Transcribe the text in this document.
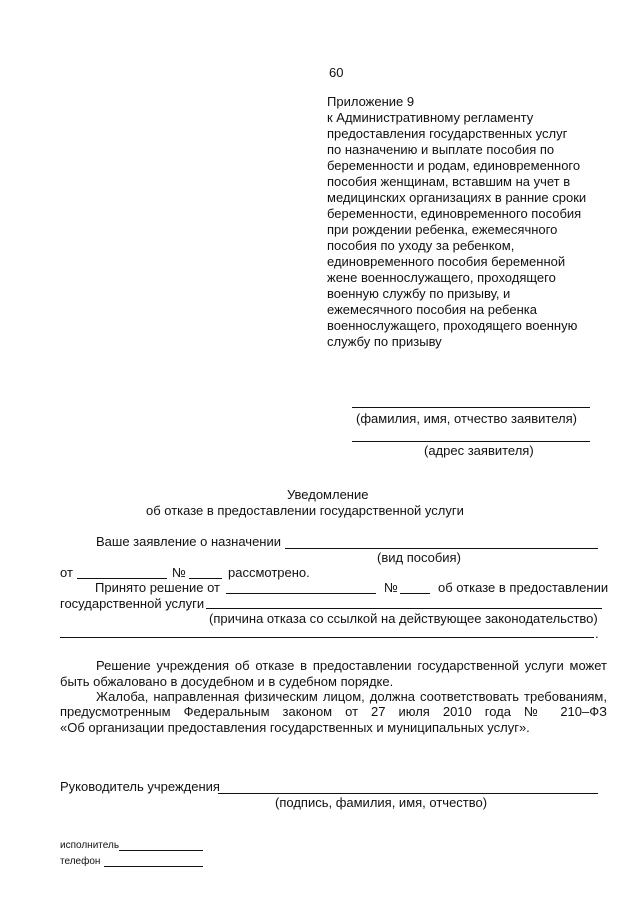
60
Приложение 9
к Административному регламенту
предоставления государственных услуг
по назначению и выплате пособия по
беременности и родам, единовременного
пособия женщинам, вставшим на учет в
медицинских организациях в ранние сроки
беременности, единовременного пособия
при рождении ребенка, ежемесячного
пособия по уходу за ребенком,
единовременного пособия беременной
жене военнослужащего, проходящего
военную службу по призыву, и
ежемесячного пособия на ребенка
военнослужащего, проходящего военную
службу по призыву
(фамилия, имя, отчество заявителя)
(адрес заявителя)
Уведомление
об отказе в предоставлении государственной услуги
Ваше заявление о назначении
(вид пособия)
от	№	рассмотрено.
Принято решение от	№	об отказе в предоставлении
государственной услуги
(причина отказа со ссылкой на действующее законодательство)
.
Решение учреждения об отказе в предоставлении государственной услуги может
быть обжаловано в досудебном и в судебном порядке.
Жалоба, направленная физическим лицом, должна соответствовать требованиям,
предусмотренным Федеральным законом от 27 июля 2010 года № 210–ФЗ
«Об организации предоставления государственных и муниципальных услуг».
Руководитель учреждения
(подпись, фамилия, имя, отчество)
исполнитель
телефон
